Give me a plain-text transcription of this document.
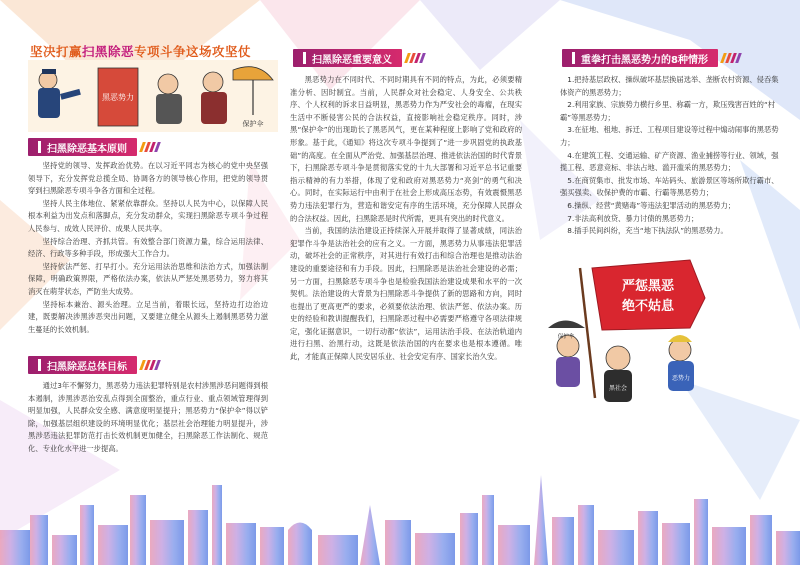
坚决打赢扫黑除恶专项斗争这场攻坚仗
黑恶势力
保护伞
扫黑除恶基本原则

坚持党的领导、发挥政治优势。在以习近平同志为核心的党中央坚强领导下，充分发挥党总揽全局、协调各方的领导核心作用，把党的领导贯穿到扫黑除恶专项斗争各方面和全过程。

坚持人民主体地位、紧紧依靠群众。坚持以人民为中心，以保障人民根本利益为出发点和落脚点，充分发动群众，实现扫黑除恶专项斗争过程人民参与、成效人民评价、成果人民共享。

坚持综合治理、齐抓共管。有效整合部门资源力量，综合运用法律、经济、行政等多种手段，形成强大工作合力。

坚持依法严惩、打早打小。充分运用法治思维和法治方式，加强法制保障，明确政策界限，严格依法办案，依法从严惩处黑恶势力，努力将其消灭在萌芽状态，严防坐大成势。

坚持标本兼治、源头治理。立足当前，着眼长远，坚持边打边治边建，既要解决涉黑涉恶突出问题，又要建立健全从源头上遏制黑恶势力滋生蔓延的长效机制。

扫黑除恶总体目标

通过3年不懈努力，黑恶势力违法犯罪特别是农村涉黑涉恶问题得到根本遏制，涉黑涉恶治安乱点得到全面整治，重点行业、重点领域管理得到明显加强，人民群众安全感、满意度明显提升；黑恶势力“保护伞”得以铲除，加强基层组织建设的环境明显优化；基层社会治理能力明显提升，涉黑涉恶违法犯罪防范打击长效机制更加健全，扫黑除恶工作法制化、规范化、专业化水平进一步提高。

扫黑除恶重要意义

黑恶势力在不同时代、不同时期具有不同的特点，为此，必须要精准分析、因时制宜。当前，人民群众对社会稳定、人身安全、公共秩序、个人权利的诉求日益明显，黑恶势力作为严安社会的毒瘤，在现实生活中不断侵害公民的合法权益，直接影响社会稳定秩序。同时，涉黑“保护伞”的出现助长了黑恶风气，更在某种程度上影响了党和政府的形象。基于此，《通知》将这次专项斗争提到了“进一步巩固党的执政基础”的高度。在全面从严治党、加强基层治理、推进依法治国的时代背景下，扫黑除恶专项斗争是贯彻落实党的十九大部署和习近平总书记重要指示精神的有力举措，体现了党和政府对黑恶势力“亮剑”的勇气和决心。同时，在实际运行中由利于在社会上形成高压态势，有效震慑黑恶势力违法犯罪行为，营造和谐安定有序的生活环境，充分保障人民群众的合法权益。因此，扫黑除恶是时代所需，更具有突出的时代意义。

当前，我国的法治建设正持续深入开展并取得了显著成绩，同法治犯罪作斗争是法治社会的应有之义。一方面，黑恶势力从事违法犯罪活动，破坏社会的正常秩序，对其进行有效打击和综合治理也是推动法治建设的重要途径和有力手段。因此，扫黑除恶是法治社会建设的必需；另一方面，扫黑除恶专项斗争也是检验我国法治建设成果和水平的一次契机。法治建设的大背景为扫黑除恶斗争提供了新的思路和方向，同时也提出了更高更严的要求，必须要依法治理、依法严惩、依法办案。历史的经验和教训提醒我们，扫黑除恶过程中必需要严格遵守各项法律规定，强化证据意识，一切行动都“依法”，运用法治手段、在法治轨道内进行扫黑、治黑行动，这既是依法治国的内在要求也是根本遵循。唯此，才能真正保障人民安居乐业、社会安定有序、国家长治久安。

重拳打击黑恶势力的8种情形

1.把持基层政权、操纵破坏基层换届选举、垄断农村资源、侵吞集体资产的黑恶势力；

2.利用家族、宗族势力横行乡里、称霸一方，欺压残害百姓的“村霸”等黑恶势力；

3.在征地、租地、拆迁、工程项目建设等过程中煽动闹事的黑恶势力；

4.在建筑工程、交通运输、矿产资源、渔业捕捞等行业、领域，强揽工程、恶意竞标、非法占地、滥开滥采的黑恶势力；

5.在商贸集市、批发市场、车站码头、旅游景区等场所欺行霸市、强买强卖、收保护费的市霸、行霸等黑恶势力；

6.操纵、经营“黄赌毒”等违法犯罪活动的黑恶势力；

7.非法高利放贷、暴力讨债的黑恶势力；

8.插手民间纠纷，充当“地下执法队”的黑恶势力。

严惩黑恶
绝不姑息
黑社会
恶势力
保护伞
